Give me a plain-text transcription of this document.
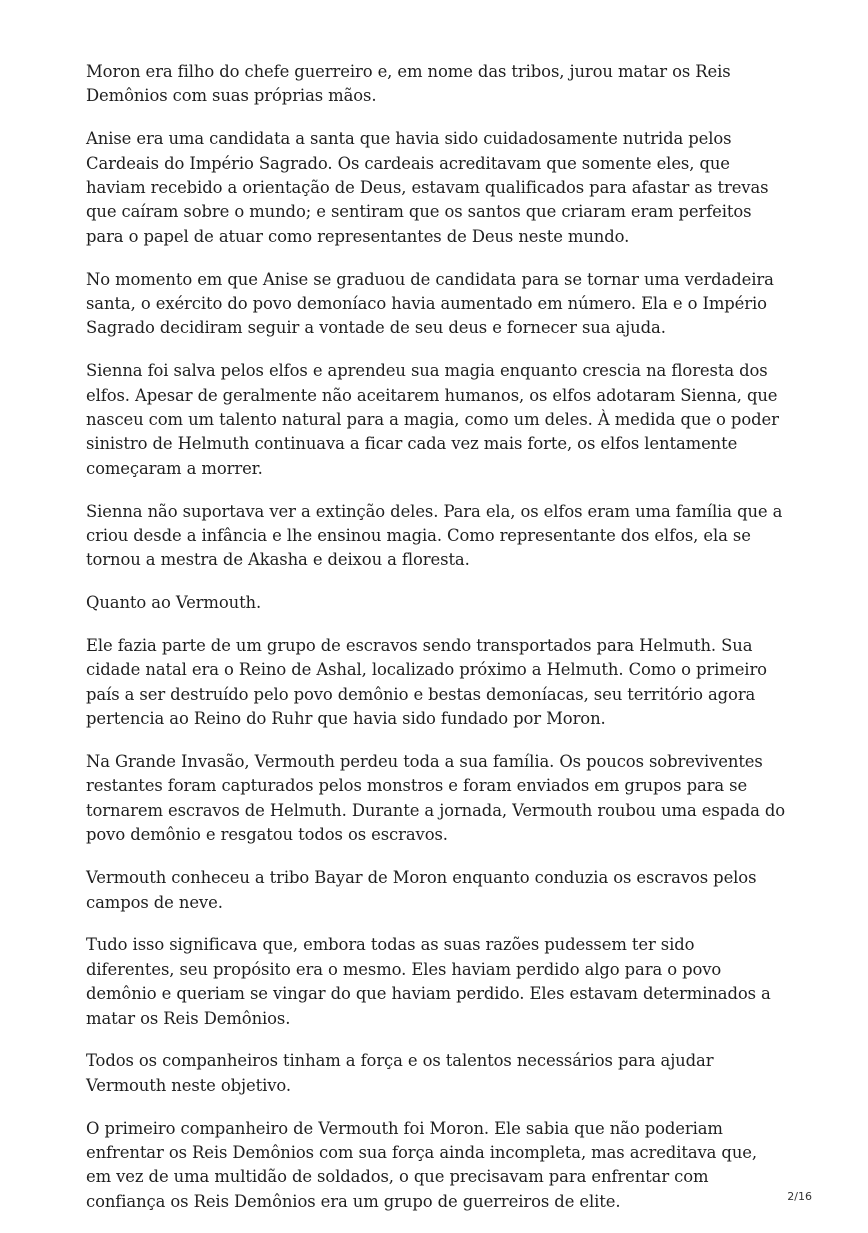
Moron era filho do chefe guerreiro e, em nome das tribos, jurou matar os Reis Demônios com suas próprias mãos.

Anise era uma candidata a santa que havia sido cuidadosamente nutrida pelos Cardeais do Império Sagrado. Os cardeais acreditavam que somente eles, que haviam recebido a orientação de Deus, estavam qualificados para afastar as trevas que caíram sobre o mundo; e sentiram que os santos que criaram eram perfeitos para o papel de atuar como representantes de Deus neste mundo.

No momento em que Anise se graduou de candidata para se tornar uma verdadeira santa, o exército do povo demoníaco havia aumentado em número. Ela e o Império Sagrado decidiram seguir a vontade de seu deus e fornecer sua ajuda.

Sienna foi salva pelos elfos e aprendeu sua magia enquanto crescia na floresta dos elfos. Apesar de geralmente não aceitarem humanos, os elfos adotaram Sienna, que nasceu com um talento natural para a magia, como um deles. À medida que o poder sinistro de Helmuth continuava a ficar cada vez mais forte, os elfos lentamente começaram a morrer.

Sienna não suportava ver a extinção deles. Para ela, os elfos eram uma família que a criou desde a infância e lhe ensinou magia. Como representante dos elfos, ela se tornou a mestra de Akasha e deixou a floresta.

Quanto ao Vermouth.

Ele fazia parte de um grupo de escravos sendo transportados para Helmuth. Sua cidade natal era o Reino de Ashal, localizado próximo a Helmuth. Como o primeiro país a ser destruído pelo povo demônio e bestas demoníacas, seu território agora pertencia ao Reino do Ruhr que havia sido fundado por Moron.

Na Grande Invasão, Vermouth perdeu toda a sua família. Os poucos sobreviventes restantes foram capturados pelos monstros e foram enviados em grupos para se tornarem escravos de Helmuth. Durante a jornada, Vermouth roubou uma espada do povo demônio e resgatou todos os escravos.

Vermouth conheceu a tribo Bayar de Moron enquanto conduzia os escravos pelos campos de neve.

Tudo isso significava que, embora todas as suas razões pudessem ter sido diferentes, seu propósito era o mesmo. Eles haviam perdido algo para o povo demônio e queriam se vingar do que haviam perdido. Eles estavam determinados a matar os Reis Demônios.

Todos os companheiros tinham a força e os talentos necessários para ajudar Vermouth neste objetivo.

O primeiro companheiro de Vermouth foi Moron. Ele sabia que não poderiam enfrentar os Reis Demônios com sua força ainda incompleta, mas acreditava que, em vez de uma multidão de soldados, o que precisavam para enfrentar com confiança os Reis Demônios era um grupo de guerreiros de elite.	2/16
